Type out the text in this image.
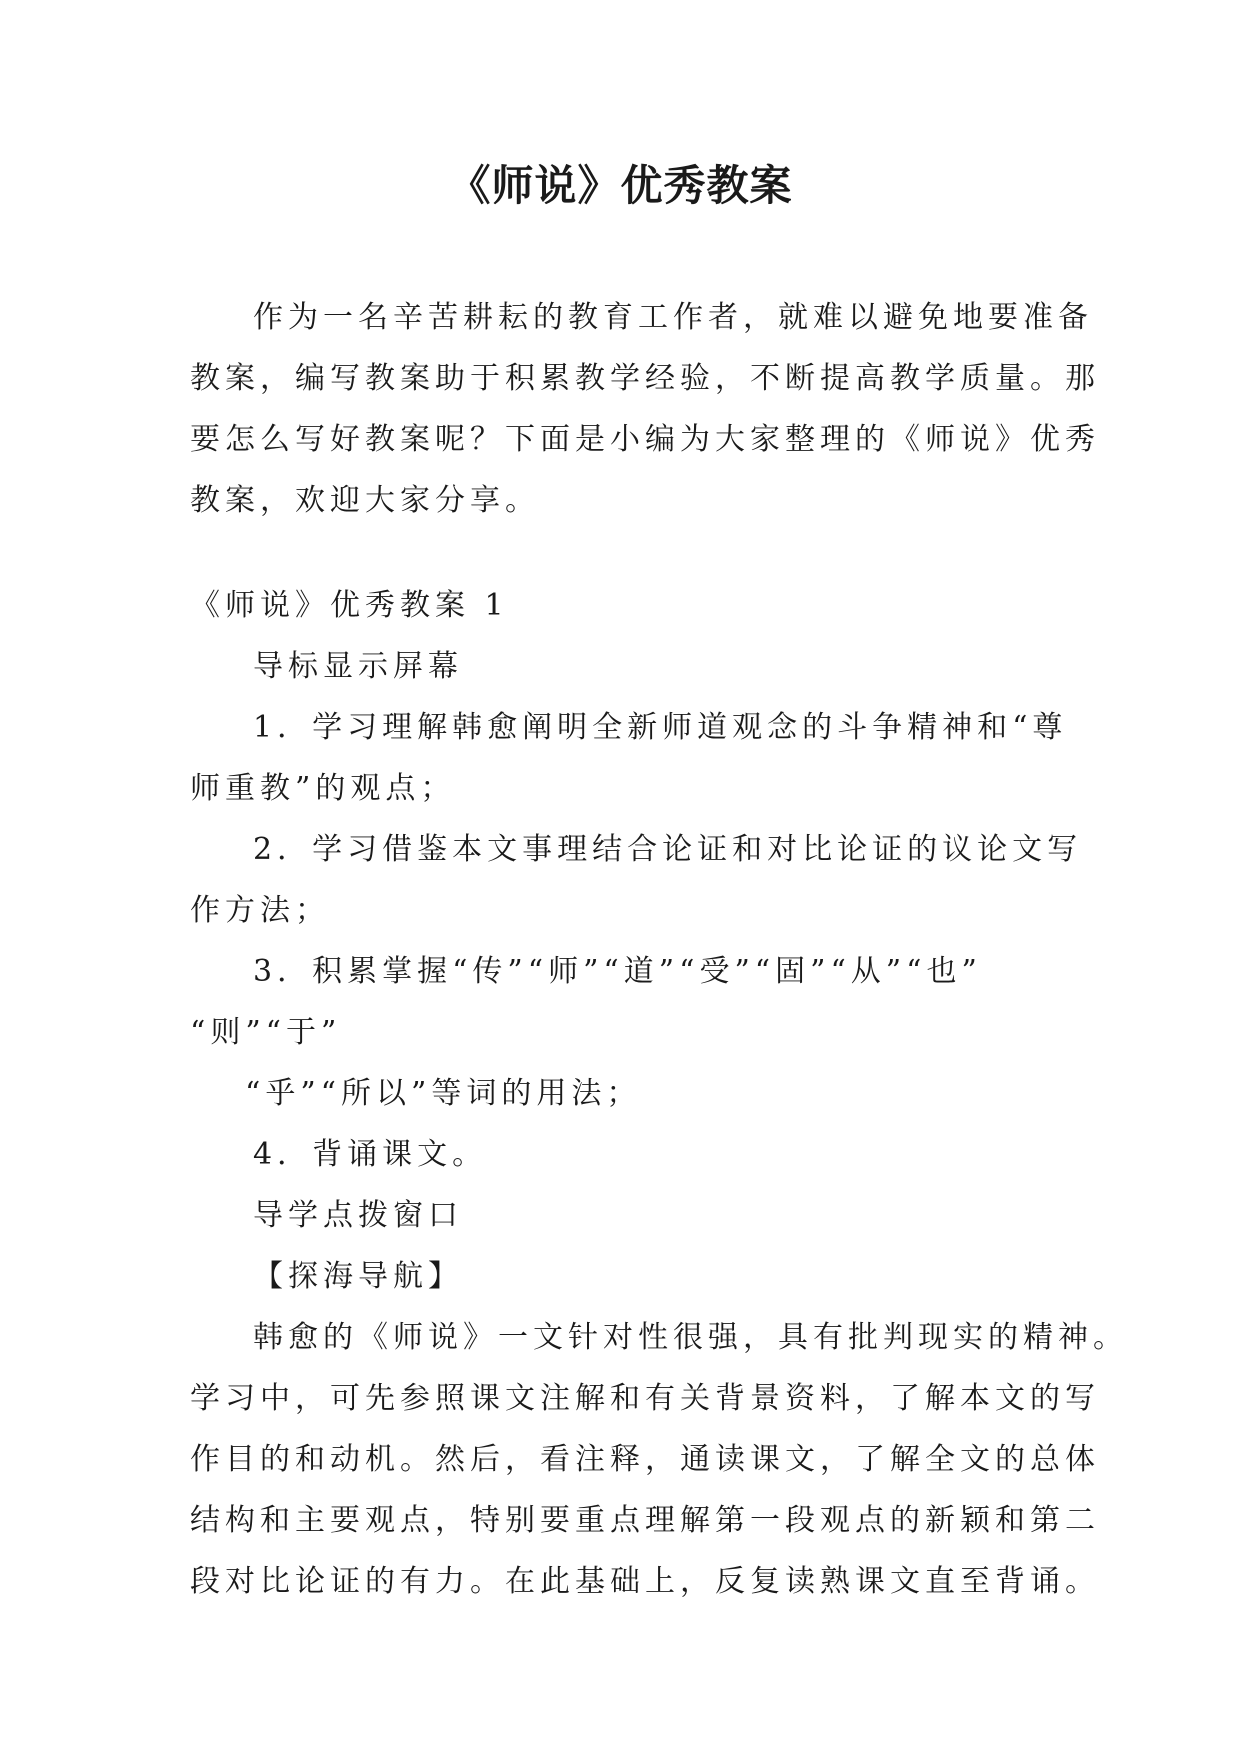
《师说》优秀教案
作为一名辛苦耕耘的教育工作者，就难以避免地要准备
教案，编写教案助于积累教学经验，不断提高教学质量。那
要怎么写好教案呢？下面是小编为大家整理的《师说》优秀
教案，欢迎大家分享。
《师说》优秀教案 1
导标显示屏幕
1．学习理解韩愈阐明全新师道观念的斗争精神和“尊
师重教”的观点；
2．学习借鉴本文事理结合论证和对比论证的议论文写
作方法；
3．积累掌握“传”“师”“道”“受”“固”“从”“也”
“则”“于”
“乎”“所以”等词的用法；
4．背诵课文。
导学点拨窗口
【探海导航】
韩愈的《师说》一文针对性很强，具有批判现实的精神。
学习中，可先参照课文注解和有关背景资料，了解本文的写
作目的和动机。然后，看注释，通读课文，了解全文的总体
结构和主要观点，特别要重点理解第一段观点的新颖和第二
段对比论证的有力。在此基础上，反复读熟课文直至背诵。
